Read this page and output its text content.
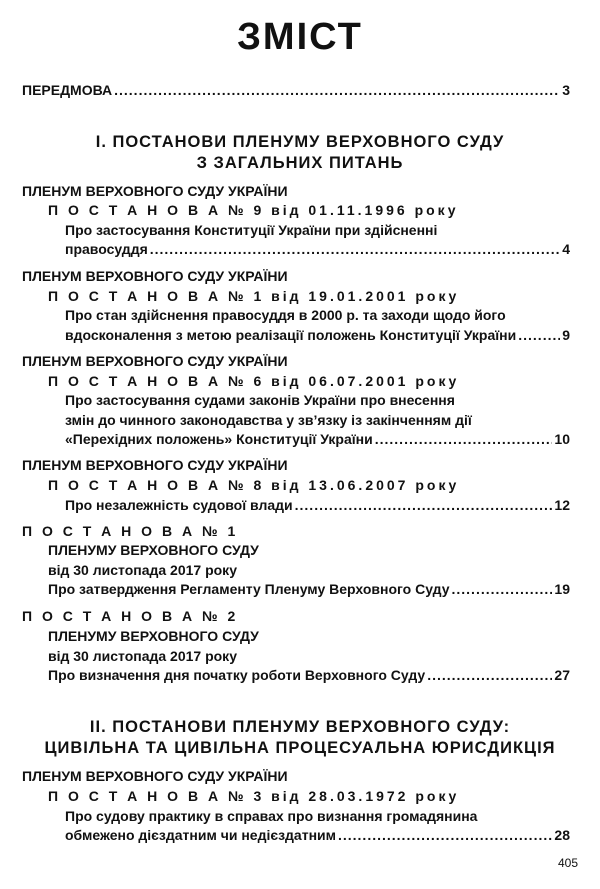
ЗМІСТ
ПЕРЕДМОВА .....	3
І. ПОСТАНОВИ ПЛЕНУМУ ВЕРХОВНОГО СУДУ
З ЗАГАЛЬНИХ ПИТАНЬ
ПЛЕНУМ ВЕРХОВНОГО СУДУ УКРАЇНИ
П О С Т А Н О В А № 9 від 01.11.1996 року
Про застосування Конституції України при здійсненні
правосуддя .....	4
ПЛЕНУМ ВЕРХОВНОГО СУДУ УКРАЇНИ
П О С Т А Н О В А № 1 від 19.01.2001 року
Про стан здійснення правосуддя в 2000 р. та заходи щодо його
вдосконалення з метою реалізації положень Конституції України .....	9
ПЛЕНУМ ВЕРХОВНОГО СУДУ УКРАЇНИ
П О С Т А Н О В А № 6 від 06.07.2001 року
Про застосування судами законів України про внесення
змін до чинного законодавства у зв’язку із закінченням дії
«Перехідних положень» Конституції України .....	10
ПЛЕНУМ ВЕРХОВНОГО СУДУ УКРАЇНИ
П О С Т А Н О В А № 8 від 13.06.2007 року
Про незалежність судової влади .....	12
П О С Т А Н О В А № 1
ПЛЕНУМУ ВЕРХОВНОГО СУДУ
від 30 листопада 2017 року
Про затвердження Регламенту Пленуму Верховного Суду .....	19
П О С Т А Н О В А № 2
ПЛЕНУМУ ВЕРХОВНОГО СУДУ
від 30 листопада 2017 року
Про визначення дня початку роботи Верховного Суду .....	27
ІІ. ПОСТАНОВИ ПЛЕНУМУ ВЕРХОВНОГО СУДУ:
ЦИВІЛЬНА ТА ЦИВІЛЬНА ПРОЦЕСУАЛЬНА ЮРИСДИКЦІЯ
ПЛЕНУМ ВЕРХОВНОГО СУДУ УКРАЇНИ
П О С Т А Н О В А № 3 від 28.03.1972 року
Про судову практику в справах про визнання громадянина
обмежено дієздатним чи недієздатним .....	28
405
